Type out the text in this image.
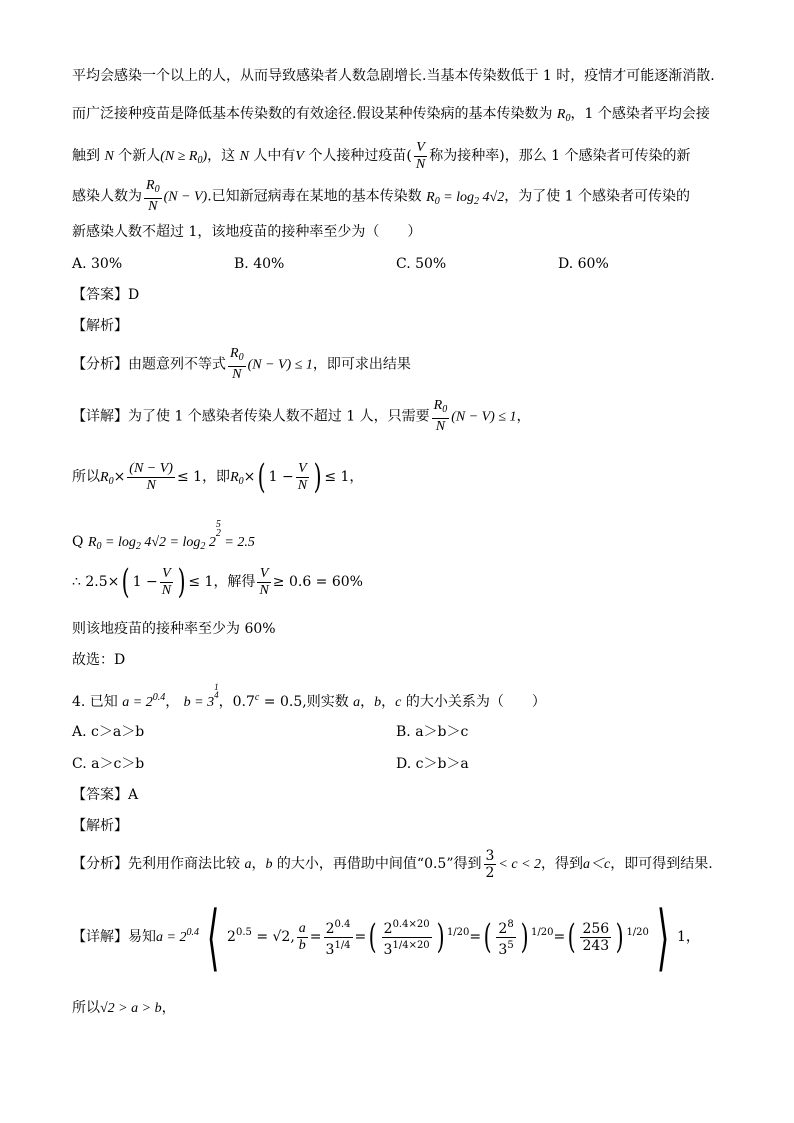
平均会感染一个以上的人，从而导致感染者人数急剧增长.当基本传染数低于 1 时，疫情才可能逐渐消散.
而广泛接种疫苗是降低基本传染数的有效途径.假设某种传染病的基本传染数为 $R_0$，1 个感染者平均会接
触到 N 个新人$(N \ge R_0)$，这 N 人中有V 个人接种过疫苗( $\frac{V}{N}$ 称为接种率)，那么 1 个感染者可传染的新
感染人数为 $\frac{R_0}{N} (N - V)$.已知新冠病毒在某地的基本传染数 $R_0 = \log_2 4√2$，为了使 1 个感染者可传染的
新感染人数不超过 1，该地疫苗的接种率至少为（　　）
A. 30%	B. 40%	C. 50%	D. 60%
【答案】D
【解析】
【分析】由题意列不等式 $\frac{R_0}{N} (N - V) \le 1$，即可求出结果
【详解】为了使 1 个感染者传染人数不超过 1 人，只需要 $\frac{R_0}{N} (N - V) \le 1$，
所以$R_0\times \frac{(N - V)}{N} \le 1$，即$R_0\times$( $1 - \frac{V}{N}$ ) ≤ 1，
Q $R_0 = \log_2 4√2 = \log_2 2$
$^{5 2}$
= 2.5
∴ 2.5×( $1 - \frac{V}{N}$ ) ≤ 1，解得 $\frac{V}{N} \ge 0.6 = 60\%$
则该地疫苗的接种率至少为 60%
故选：D
4. 已知 $a = 2^{0.4}$， b = 3
$^{1 4}$ ，0.7$^c$ = 0.5,则实数 a，b，c 的大小关系为（　　）
A. c＞a＞b	B. a＞b＞c
C. a＞c＞b	D. c＞b＞a
【答案】A
【解析】
【分析】先利用作商法比较 a，b 的大小，再借助中间值“0.5”得到 $\frac{3}{2} < c < 2$，得到a＜c，即可得到结果.
【详解】易知$a = 2^{0.4}$ ⟨ $2^{0.5} = √2$, $\frac{a}{b} = \frac{2^{0.4}}{3^{1/4}}$ =( $\frac{2^{0.4\times 20}}{3^{1/4\times 20}}$ ) $^{1/20}=( \frac{2^8}{3^5}$ ) $^{1/20}=( \frac{256}{243}$ ) $^{1/20}$ ⟩ 1，
所以√2 > a > b，
